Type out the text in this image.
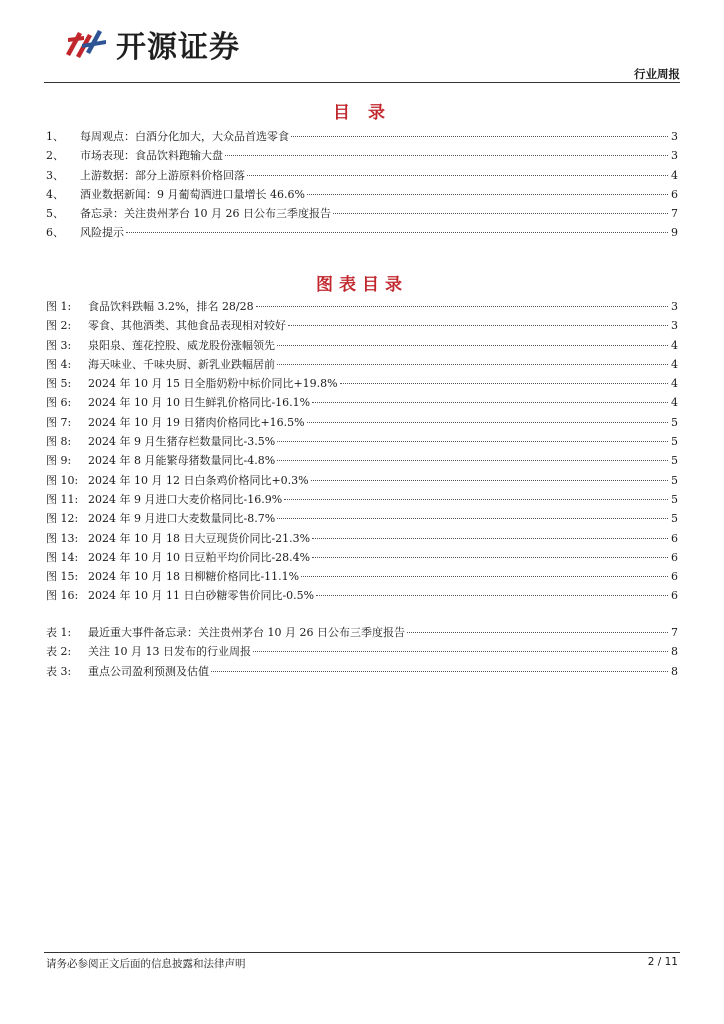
开源证券
行业周报
目 录
1、	每周观点：白酒分化加大，大众品首选零食	3
2、	市场表现：食品饮料跑输大盘	3
3、	上游数据：部分上游原料价格回落	4
4、	酒业数据新闻：9 月葡萄酒进口量增长 46.6%	6
5、	备忘录：关注贵州茅台 10 月 26 日公布三季度报告	7
6、	风险提示	9
图表目录
图 1:	食品饮料跌幅 3.2%，排名 28/28	3
图 2:	零食、其他酒类、其他食品表现相对较好	3
图 3:	泉阳泉、莲花控股、威龙股份涨幅领先	4
图 4:	海天味业、千味央厨、新乳业跌幅居前	4
图 5:	2024 年 10 月 15 日全脂奶粉中标价同比+19.8%	4
图 6:	2024 年 10 月 10 日生鲜乳价格同比-16.1%	4
图 7:	2024 年 10 月 19 日猪肉价格同比+16.5%	5
图 8:	2024 年 9 月生猪存栏数量同比-3.5%	5
图 9:	2024 年 8 月能繁母猪数量同比-4.8%	5
图 10: 2024 年 10 月 12 日白条鸡价格同比+0.3%	5
图 11: 2024 年 9 月进口大麦价格同比-16.9%	5
图 12: 2024 年 9 月进口大麦数量同比-8.7%	5
图 13: 2024 年 10 月 18 日大豆现货价同比-21.3%	6
图 14: 2024 年 10 月 10 日豆粕平均价同比-28.4%	6
图 15: 2024 年 10 月 18 日柳糖价格同比-11.1%	6
图 16: 2024 年 10 月 11 日白砂糖零售价同比-0.5%	6
表 1:	最近重大事件备忘录：关注贵州茅台 10 月 26 日公布三季度报告	7
表 2:	关注 10 月 13 日发布的行业周报	8
表 3:	重点公司盈利预测及估值	8
请务必参阅正文后面的信息披露和法律声明	2 / 11
